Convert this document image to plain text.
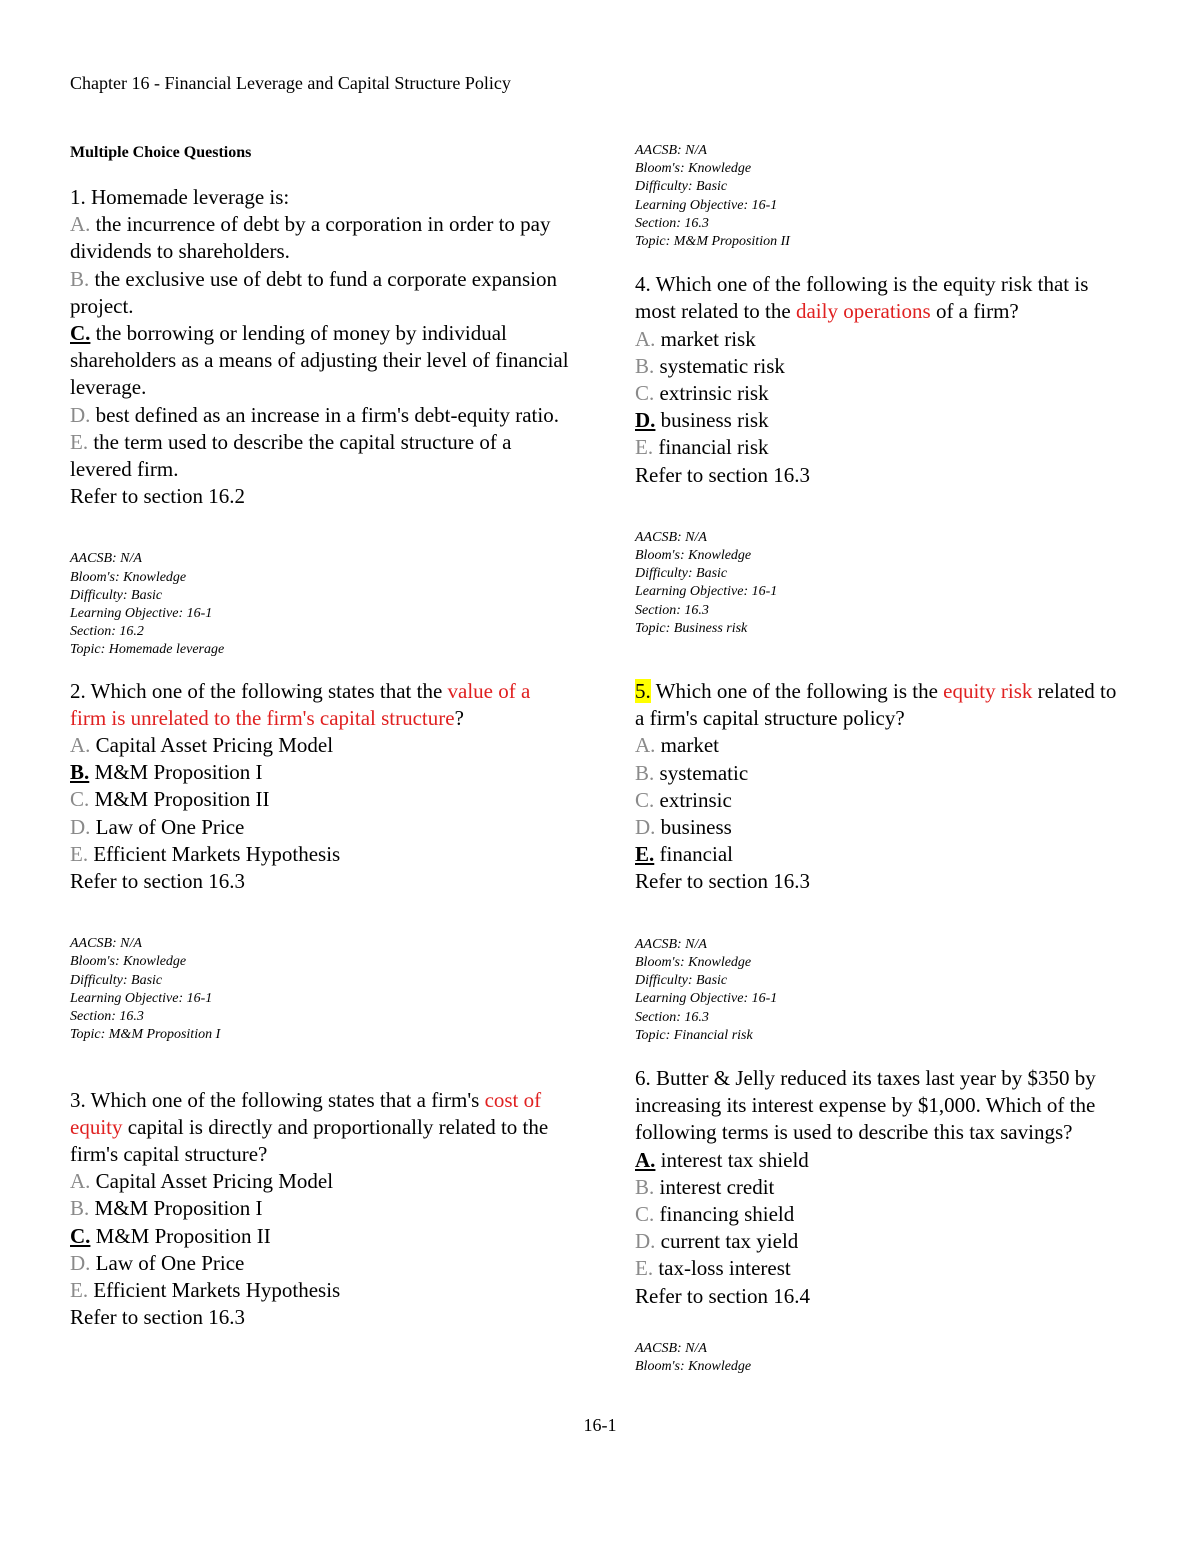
Chapter 16 - Financial Leverage and Capital Structure Policy
Multiple Choice Questions
1. Homemade leverage is:
A. the incurrence of debt by a corporation in order to pay dividends to shareholders.
B. the exclusive use of debt to fund a corporate expansion project.
C. the borrowing or lending of money by individual shareholders as a means of adjusting their level of financial leverage.
D. best defined as an increase in a firm's debt-equity ratio.
E. the term used to describe the capital structure of a levered firm.
Refer to section 16.2
AACSB: N/A
Bloom's: Knowledge
Difficulty: Basic
Learning Objective: 16-1
Section: 16.2
Topic: Homemade leverage
2. Which one of the following states that the value of a firm is unrelated to the firm's capital structure?
A. Capital Asset Pricing Model
B. M&M Proposition I
C. M&M Proposition II
D. Law of One Price
E. Efficient Markets Hypothesis
Refer to section 16.3
AACSB: N/A
Bloom's: Knowledge
Difficulty: Basic
Learning Objective: 16-1
Section: 16.3
Topic: M&M Proposition I
3. Which one of the following states that a firm's cost of equity capital is directly and proportionally related to the firm's capital structure?
A. Capital Asset Pricing Model
B. M&M Proposition I
C. M&M Proposition II
D. Law of One Price
E. Efficient Markets Hypothesis
Refer to section 16.3
AACSB: N/A
Bloom's: Knowledge
Difficulty: Basic
Learning Objective: 16-1
Section: 16.3
Topic: M&M Proposition II
4. Which one of the following is the equity risk that is most related to the daily operations of a firm?
A. market risk
B. systematic risk
C. extrinsic risk
D. business risk
E. financial risk
Refer to section 16.3
AACSB: N/A
Bloom's: Knowledge
Difficulty: Basic
Learning Objective: 16-1
Section: 16.3
Topic: Business risk
5. Which one of the following is the equity risk related to a firm's capital structure policy?
A. market
B. systematic
C. extrinsic
D. business
E. financial
Refer to section 16.3
AACSB: N/A
Bloom's: Knowledge
Difficulty: Basic
Learning Objective: 16-1
Section: 16.3
Topic: Financial risk
6. Butter & Jelly reduced its taxes last year by $350 by increasing its interest expense by $1,000. Which of the following terms is used to describe this tax savings?
A. interest tax shield
B. interest credit
C. financing shield
D. current tax yield
E. tax-loss interest
Refer to section 16.4
AACSB: N/A
Bloom's: Knowledge
16-1
